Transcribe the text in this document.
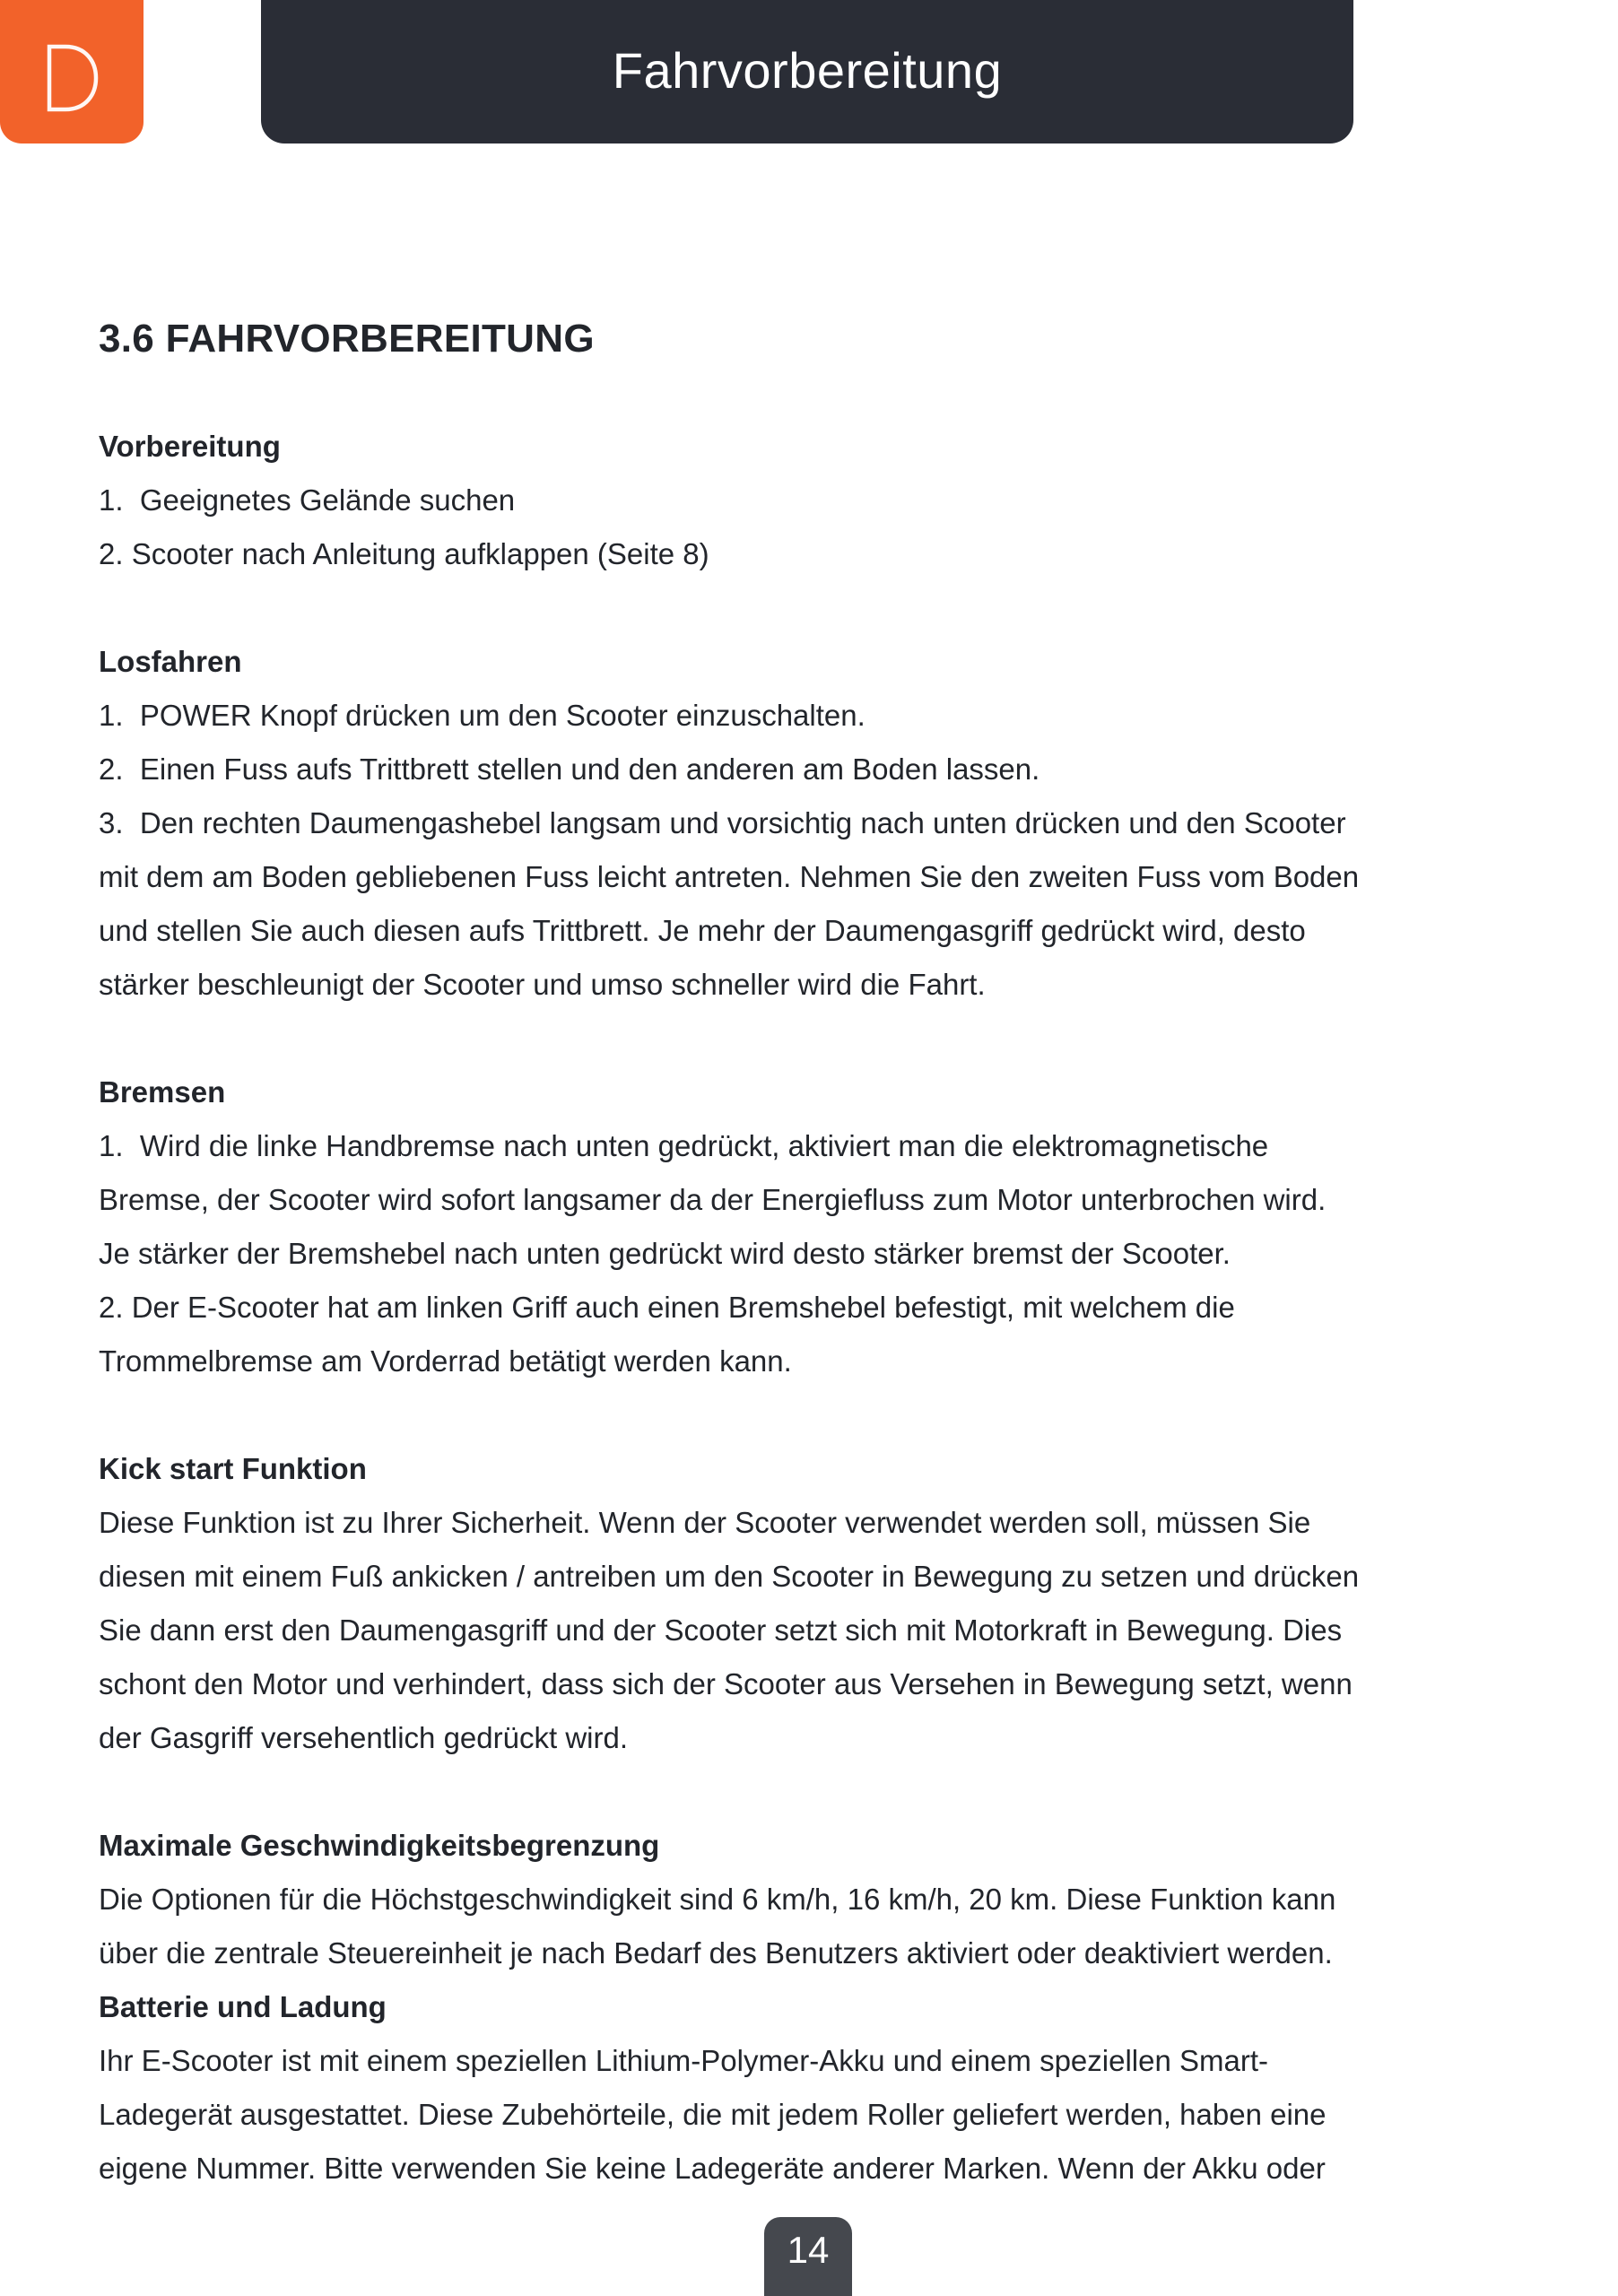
Fahrvorbereitung
3.6 FAHRVORBEREITUNG
Vorbereitung
1.  Geeignetes Gelände suchen
2. Scooter nach Anleitung aufklappen (Seite 8)
Losfahren
1.  POWER Knopf drücken um den Scooter einzuschalten.
2.  Einen Fuss aufs Trittbrett stellen und den anderen am Boden lassen.
3.  Den rechten Daumengashebel langsam und vorsichtig nach unten drücken und den Scooter
mit dem am Boden gebliebenen Fuss leicht antreten. Nehmen Sie den zweiten Fuss vom Boden
und stellen Sie auch diesen aufs Trittbrett. Je mehr der Daumengasgriff gedrückt wird, desto
stärker beschleunigt der Scooter und umso schneller wird die Fahrt.
Bremsen
1.  Wird die linke Handbremse nach unten gedrückt, aktiviert man die elektromagnetische
Bremse, der Scooter wird sofort langsamer da der Energiefluss zum Motor unterbrochen wird.
Je stärker der Bremshebel nach unten gedrückt wird desto stärker bremst der Scooter.
2. Der E-Scooter hat am linken Griff auch einen Bremshebel befestigt, mit welchem die
Trommelbremse am Vorderrad betätigt werden kann.
Kick start Funktion
Diese Funktion ist zu Ihrer Sicherheit. Wenn der Scooter verwendet werden soll, müssen Sie
diesen mit einem Fuß ankicken / antreiben um den Scooter in Bewegung zu setzen und drücken
Sie dann erst den Daumengasgriff und der Scooter setzt sich mit Motorkraft in Bewegung. Dies
schont den Motor und verhindert, dass sich der Scooter aus Versehen in Bewegung setzt, wenn
der Gasgriff versehentlich gedrückt wird.
Maximale Geschwindigkeitsbegrenzung
Die Optionen für die Höchstgeschwindigkeit sind 6 km/h, 16 km/h, 20 km. Diese Funktion kann
über die zentrale Steuereinheit je nach Bedarf des Benutzers aktiviert oder deaktiviert werden.
Batterie und Ladung
Ihr E-Scooter ist mit einem speziellen Lithium-Polymer-Akku und einem speziellen Smart-
Ladegerät ausgestattet. Diese Zubehörteile, die mit jedem Roller geliefert werden, haben eine
eigene Nummer. Bitte verwenden Sie keine Ladegeräte anderer Marken. Wenn der Akku oder
14
